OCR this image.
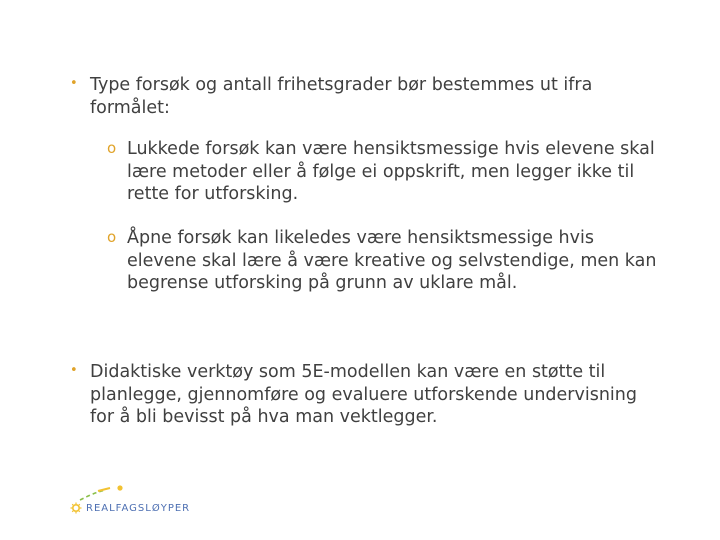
• Type forsøk og antall frihetsgrader bør bestemmes ut ifra formålet:
o Lukkede forsøk kan være hensiktsmessige hvis elevene skal lære metoder eller å følge ei oppskrift, men legger ikke til rette for utforsking.
o Åpne forsøk kan likeledes være hensiktsmessige hvis elevene skal lære å være kreative og selvstendige, men kan begrense utforsking på grunn av uklare mål.
• Didaktiske verktøy som 5E-modellen kan være en støtte til planlegge, gjennomføre og evaluere utforskende undervisning for å bli bevisst på hva man vektlegger.
REALFAGSLØYPER
